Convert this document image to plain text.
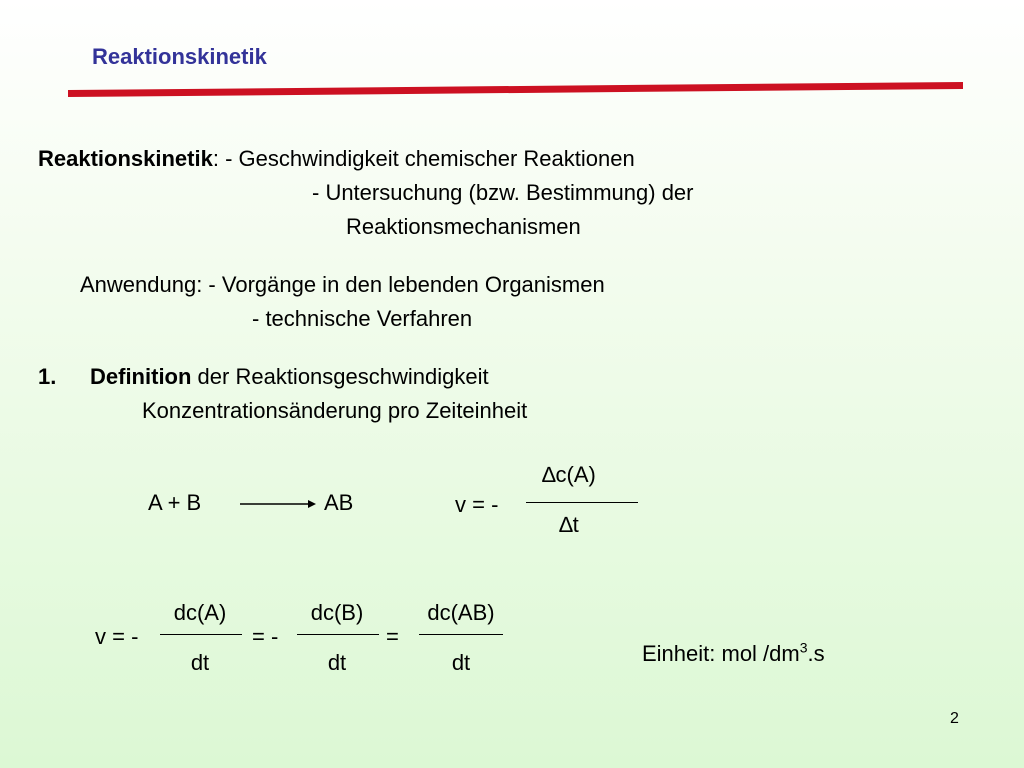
Reaktionskinetik
Reaktionskinetik: - Geschwindigkeit chemischer Reaktionen
- Untersuchung (bzw. Bestimmung) der
Reaktionsmechanismen
Anwendung: - Vorgänge in den lebenden Organismen
- technische Verfahren
1. Definition der Reaktionsgeschwindigkeit
Konzentrationsänderung pro Zeiteinheit
A + B	AB	v = -
∆c(A)
∆t
v = -
dc(A)
dt
= -
dc(B)
dt
=
dc(AB)
dt	Einheit: mol $/dm^3.s$
2
